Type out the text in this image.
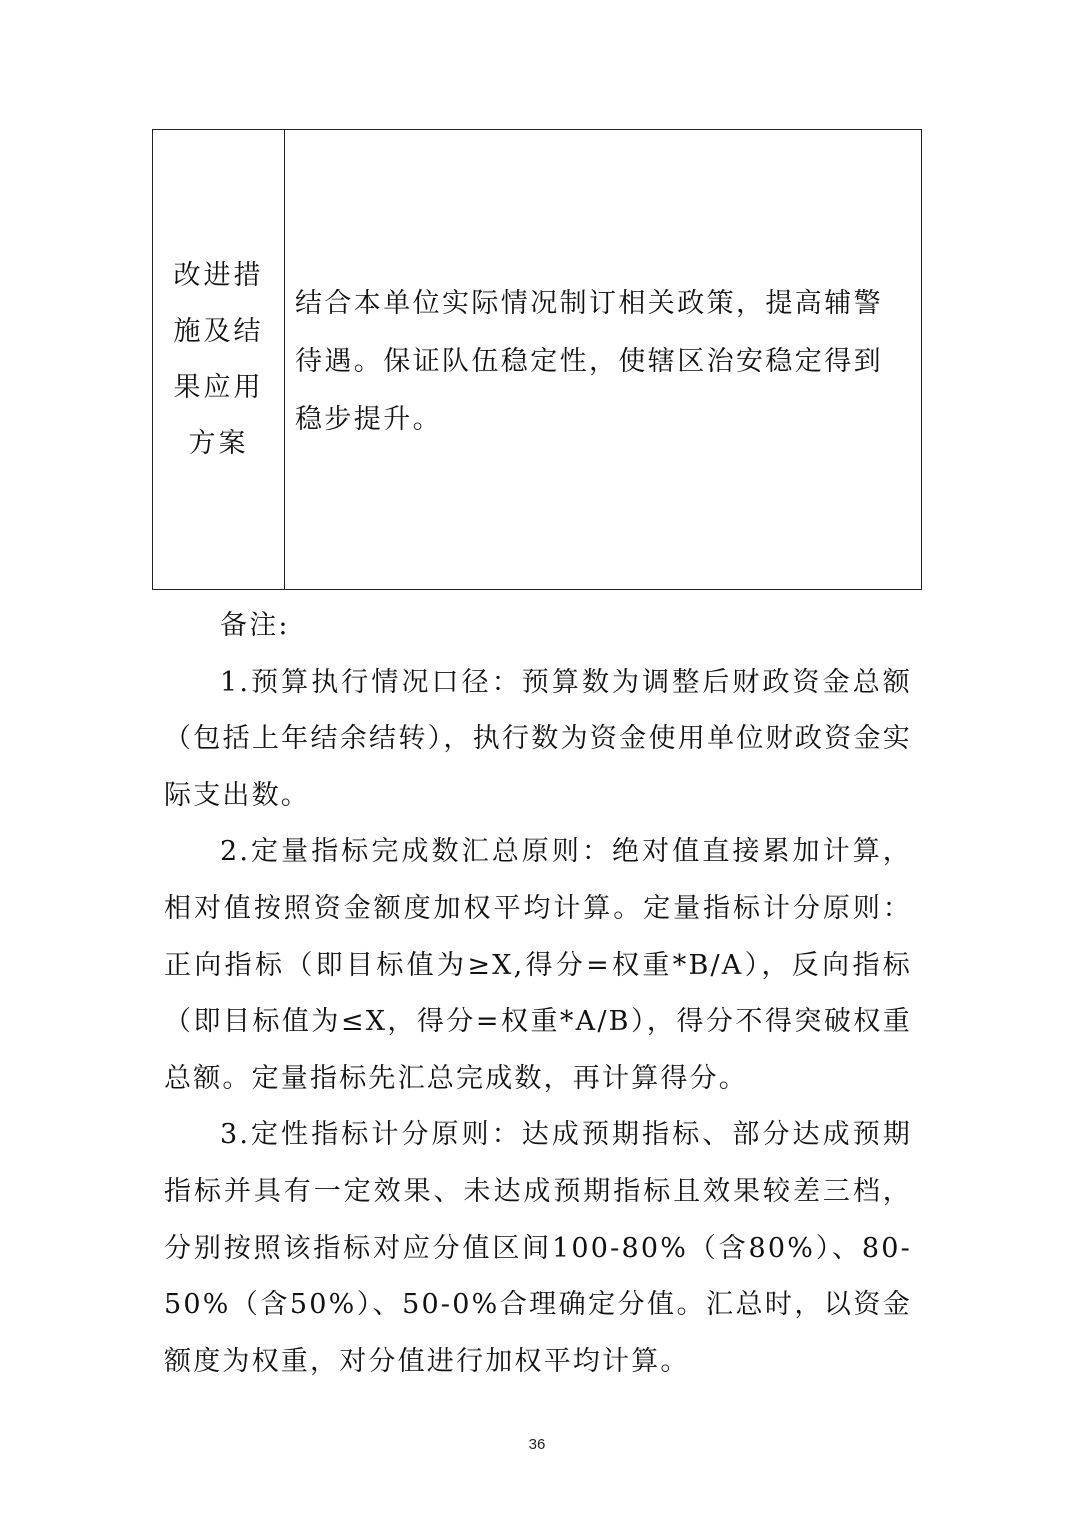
改进措
施及结
果应用
方案
结合本单位实际情况制订相关政策，提高辅警待遇。保证队伍稳定性，使辖区治安稳定得到稳步提升。

备注:

1.预算执行情况口径：预算数为调整后财政资金总额（包括上年结余结转），执行数为资金使用单位财政资金实际支出数。

2.定量指标完成数汇总原则：绝对值直接累加计算，相对值按照资金额度加权平均计算。定量指标计分原则：正向指标（即目标值为≥X,得分=权重*B/A），反向指标（即目标值为≤X，得分=权重*A/B），得分不得突破权重总额。定量指标先汇总完成数，再计算得分。

3.定性指标计分原则：达成预期指标、部分达成预期指标并具有一定效果、未达成预期指标且效果较差三档，分别按照该指标对应分值区间100-80%（含80%）、80-50%（含50%）、50-0%合理确定分值。汇总时，以资金额度为权重，对分值进行加权平均计算。

36
